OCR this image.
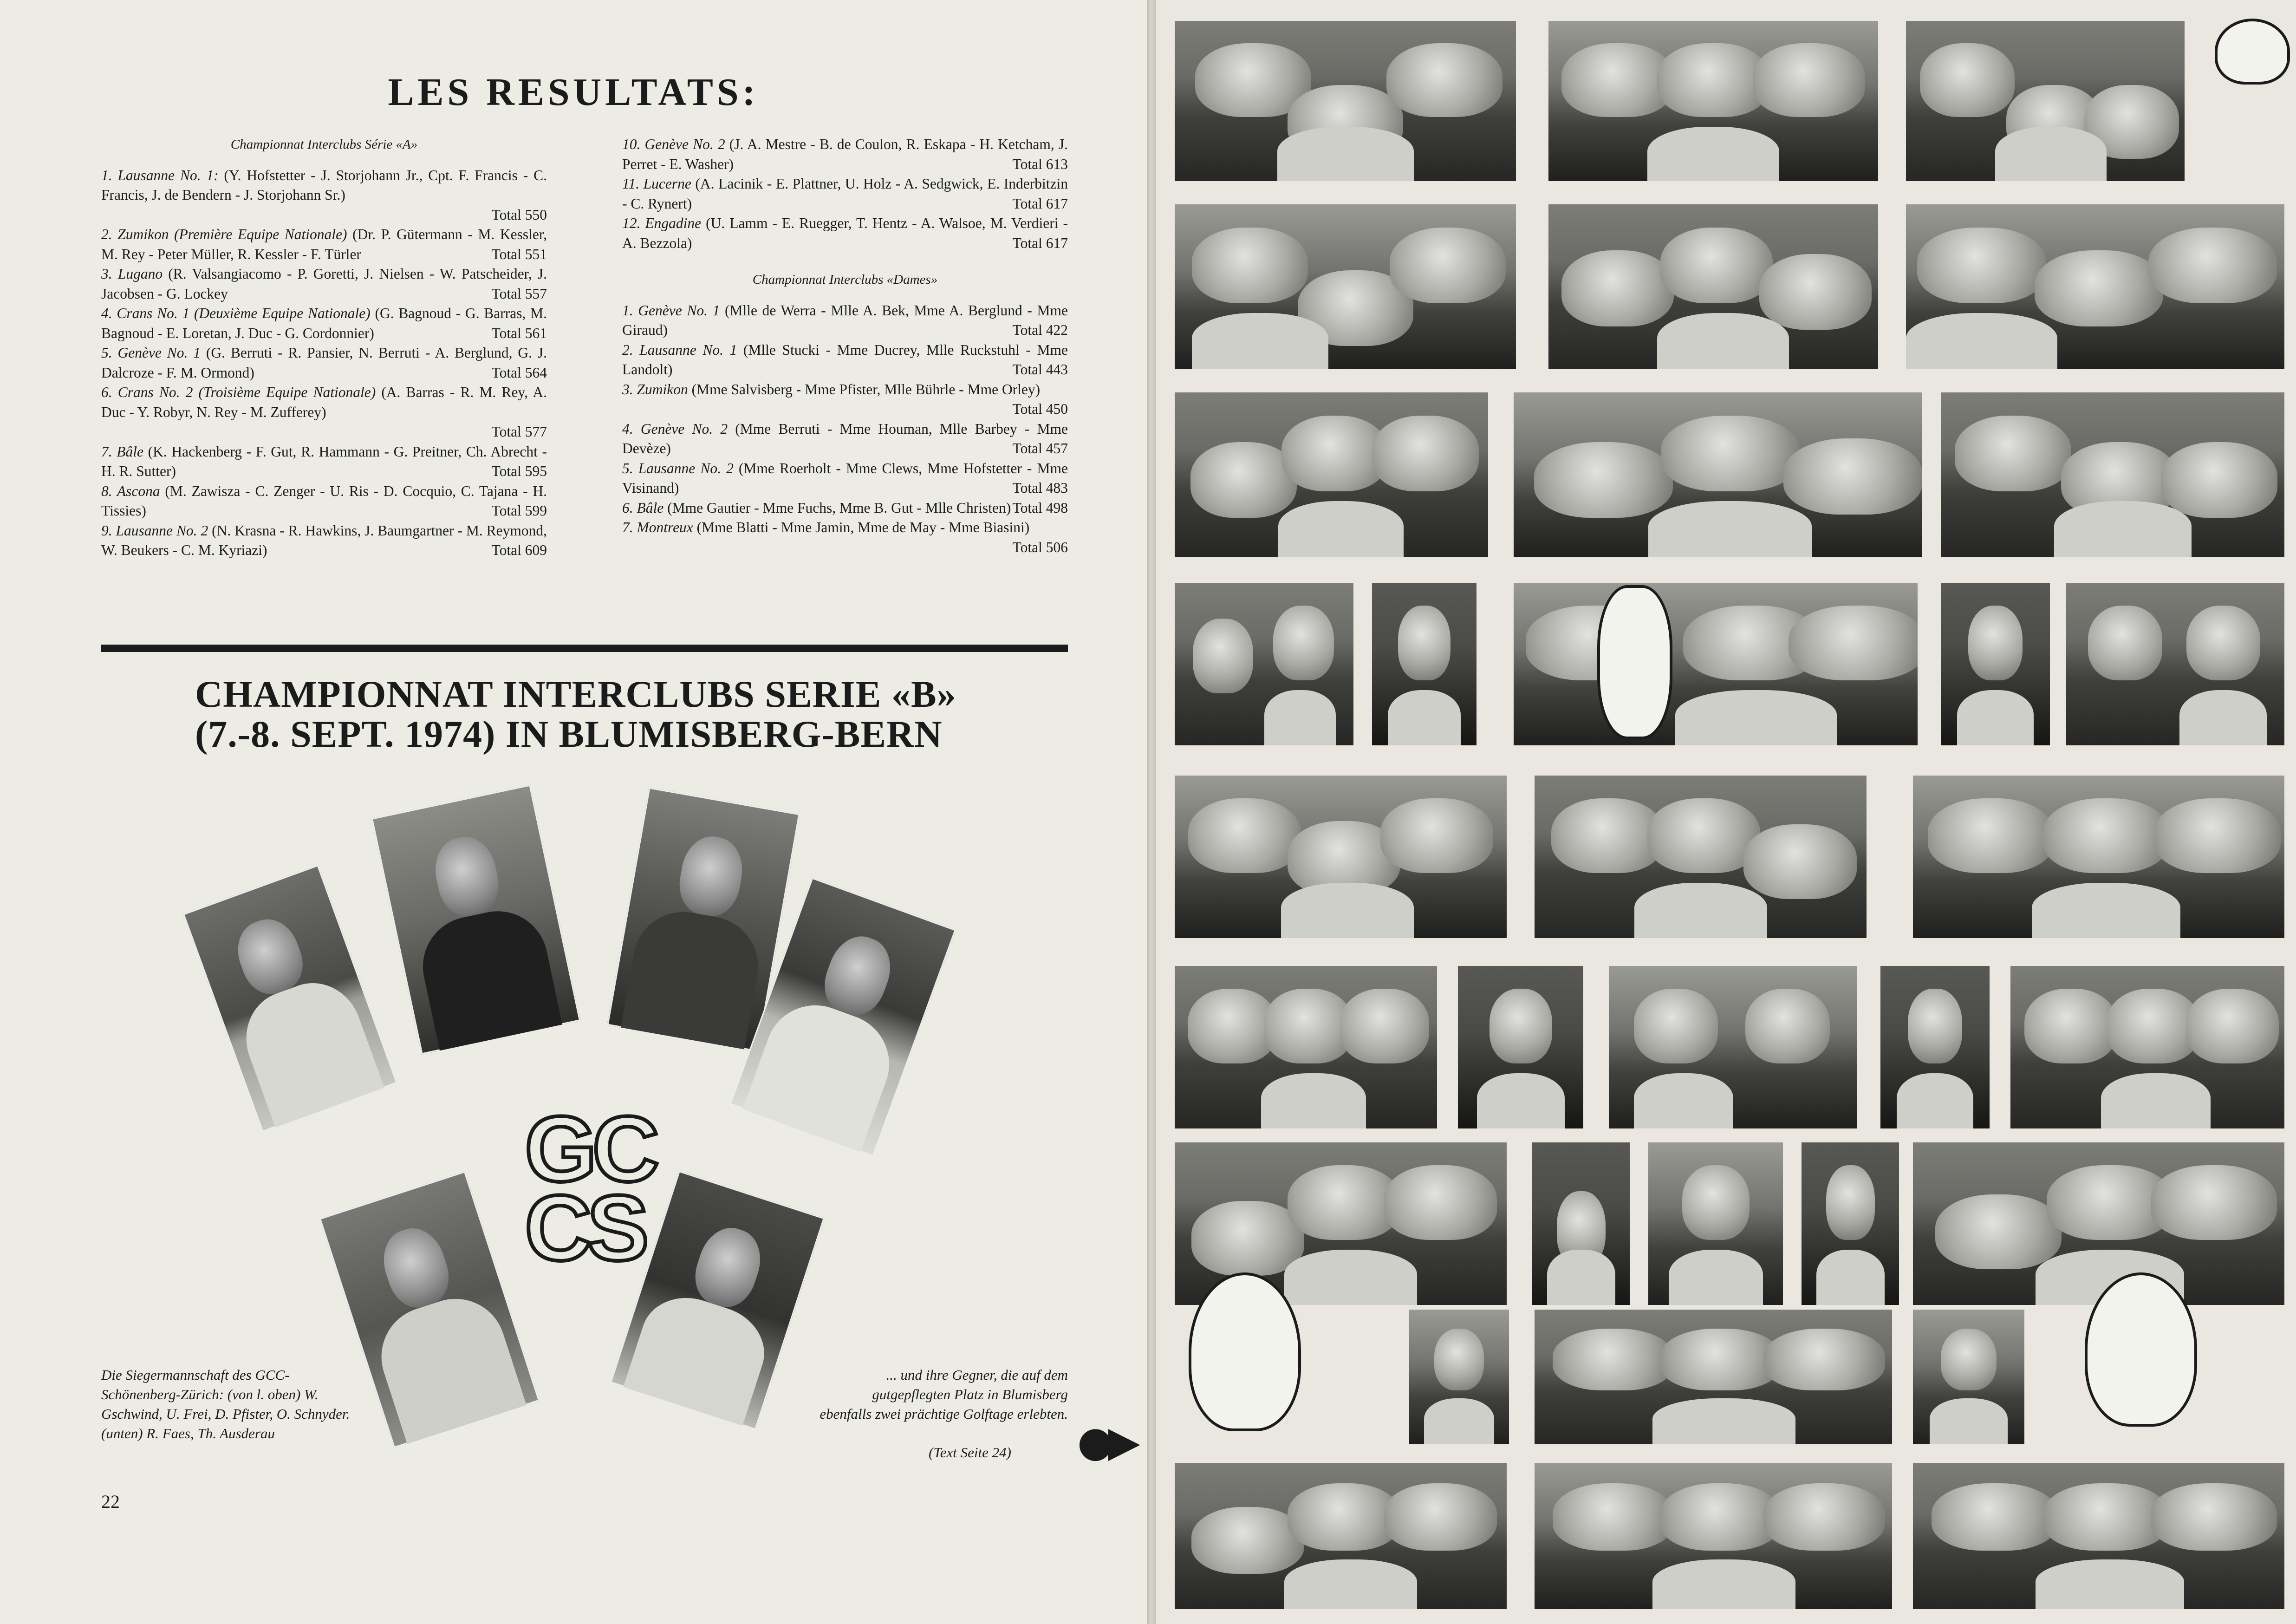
LES RESULTATS:
Championnat Interclubs Série «A»

1. Lausanne No. 1: (Y. Hofstetter - J. Storjohann Jr., Cpt. F. Francis - C. Francis, J. de Bendern - J. Storjohann Sr.)

Total 550

2. Zumikon (Première Equipe Nationale) (Dr. P. Gütermann - M. Kessler, M. Rey - Peter Müller, R. Kessler - F. Türler	Total 551

3. Lugano (R. Valsangiacomo - P. Goretti, J. Nielsen - W. Patscheider, J. Jacobsen - G. Lockey	Total 557

4. Crans No. 1 (Deuxième Equipe Nationale) (G. Bagnoud - G. Barras, M. Bagnoud - E. Loretan, J. Duc - G. Cordonnier)	Total 561

5. Genève No. 1 (G. Berruti - R. Pansier, N. Berruti - A. Berglund, G. J. Dalcroze - F. M. Ormond)	Total 564

6. Crans No. 2 (Troisième Equipe Nationale) (A. Barras - R. M. Rey, A. Duc - Y. Robyr, N. Rey - M. Zufferey)

Total 577

7. Bâle (K. Hackenberg - F. Gut, R. Hammann - G. Preitner, Ch. Abrecht - H. R. Sutter)	Total 595

8. Ascona (M. Zawisza - C. Zenger - U. Ris - D. Cocquio, C. Tajana - H. Tissies)	Total 599

9. Lausanne No. 2 (N. Krasna - R. Hawkins, J. Baumgartner - M. Reymond, W. Beukers - C. M. Kyriazi)	Total 609

10. Genève No. 2 (J. A. Mestre - B. de Coulon, R. Eskapa - H. Ketcham, J. Perret - E. Washer)	Total 613

11. Lucerne (A. Lacinik - E. Plattner, U. Holz - A. Sedgwick, E. Inderbitzin - C. Rynert)	Total 617

12. Engadine (U. Lamm - E. Ruegger, T. Hentz - A. Walsoe, M. Verdieri - A. Bezzola)	Total 617

Championnat Interclubs «Dames»

1. Genève No. 1 (Mlle de Werra - Mlle A. Bek, Mme A. Berglund - Mme Giraud)	Total 422

2. Lausanne No. 1 (Mlle Stucki - Mme Ducrey, Mlle Ruckstuhl - Mme Landolt)	Total 443

3. Zumikon (Mme Salvisberg - Mme Pfister, Mlle Bührle - Mme Orley)
Total 450

4. Genève No. 2 (Mme Berruti - Mme Houman, Mlle Barbey - Mme Devèze)	Total 457

5. Lausanne No. 2 (Mme Roerholt - Mme Clews, Mme Hofstetter - Mme Visinand)	Total 483

6. Bâle (Mme Gautier - Mme Fuchs, Mme B. Gut - Mlle Christen) Total 498

7. Montreux (Mme Blatti - Mme Jamin, Mme de May - Mme Biasini)
Total 506

CHAMPIONNAT INTERCLUBS SERIE «B»
(7.-8. SEPT. 1974) IN BLUMISBERG-BERN
GC
CS
Die Siegermannschaft des GCC-Schönenberg-Zürich: (von l. oben) W. Gschwind, U. Frei, D. Pfister, O. Schnyder. (unten) R. Faes, Th. Ausderau
... und ihre Gegner, die auf dem gutgepflegten Platz in Blumisberg ebenfalls zwei prächtige Golftage erlebten.
(Text Seite 24) ●▶
22
